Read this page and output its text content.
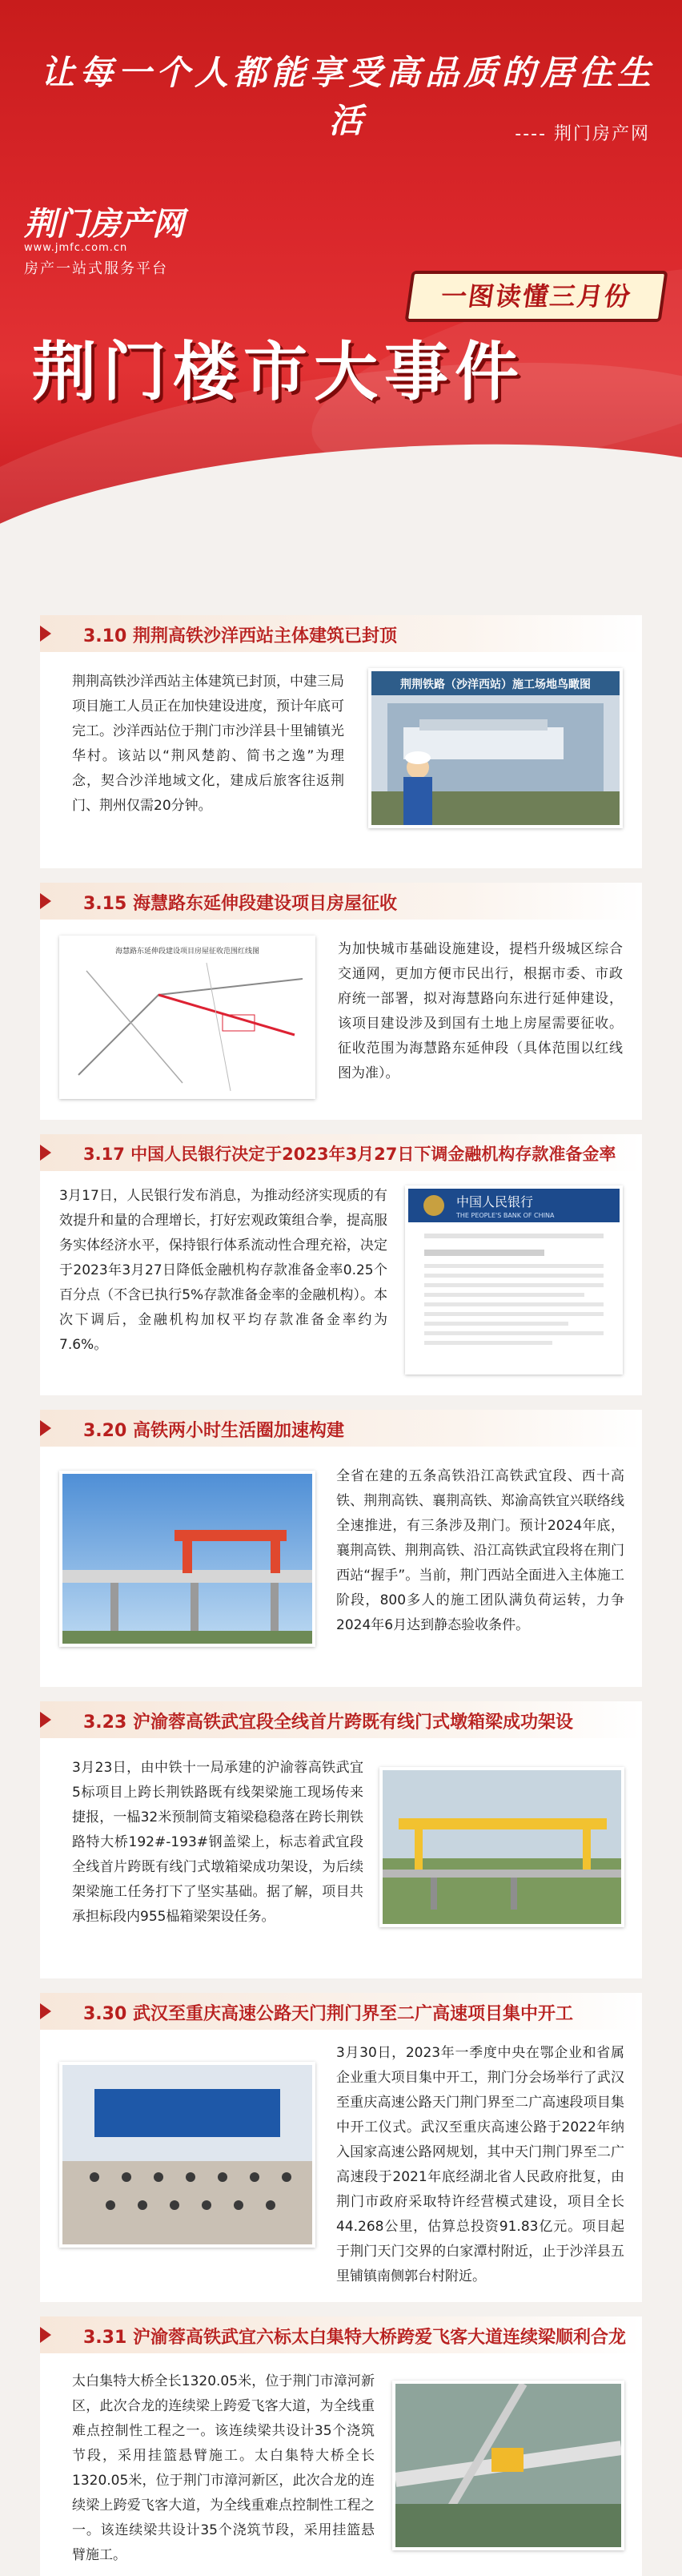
让每一个人都能享受高品质的居住生活	---- 荆门房产网
荆门房产网
www.jmfc.com.cn
房产一站式服务平台
一图读懂三月份
荆门楼市大事件
3.10 荆荆高铁沙洋西站主体建筑已封顶
荆荆高铁沙洋西站主体建筑已封顶，中建三局项目施工人员正在加快建设进度，预计年底可完工。沙洋西站位于荆门市沙洋县十里铺镇光华村。该站以“荆风楚韵、简书之逸”为理念，契合沙洋地域文化，建成后旅客往返荆门、荆州仅需20分钟。
荆荆铁路（沙洋西站）施工场地鸟瞰图
3.15 海慧路东延伸段建设项目房屋征收
海慧路东延伸段建设项目房屋征收范围红线图	为加快城市基础设施建设，提档升级城区综合交通网，更加方便市民出行，根据市委、市政府统一部署，拟对海慧路向东进行延伸建设，该项目建设涉及到国有土地上房屋需要征收。征收范围为海慧路东延伸段（具体范围以红线图为准）。
3.17 中国人民银行决定于2023年3月27日下调金融机构存款准备金率
3月17日，人民银行发布消息，为推动经济实现质的有效提升和量的合理增长，打好宏观政策组合拳，提高服务实体经济水平，保持银行体系流动性合理充裕，决定于2023年3月27日降低金融机构存款准备金率0.25个百分点（不含已执行5%存款准备金率的金融机构）。本次下调后，金融机构加权平均存款准备金率约为7.6%。
中国人民银行
THE PEOPLE'S BANK OF CHINA
3.20 高铁两小时生活圈加速构建
全省在建的五条高铁沿江高铁武宜段、西十高铁、荆荆高铁、襄荆高铁、郑渝高铁宜兴联络线全速推进，有三条涉及荆门。预计2024年底，襄荆高铁、荆荆高铁、沿江高铁武宜段将在荆门西站“握手”。当前，荆门西站全面进入主体施工阶段，800多人的施工团队满负荷运转，力争2024年6月达到静态验收条件。
3.23 沪渝蓉高铁武宜段全线首片跨既有线门式墩箱梁成功架设
3月23日，由中铁十一局承建的沪渝蓉高铁武宜5标项目上跨长荆铁路既有线架梁施工现场传来捷报，一榀32米预制简支箱梁稳稳落在跨长荆铁路特大桥192#-193#钢盖梁上，标志着武宜段全线首片跨既有线门式墩箱梁成功架设，为后续架梁施工任务打下了坚实基础。据了解，项目共承担标段内955榀箱梁架设任务。
3.30 武汉至重庆高速公路天门荆门界至二广高速项目集中开工
3月30日，2023年一季度中央在鄂企业和省属企业重大项目集中开工，荆门分会场举行了武汉至重庆高速公路天门荆门界至二广高速段项目集中开工仪式。武汉至重庆高速公路于2022年纳入国家高速公路网规划，其中天门荆门界至二广高速段于2021年底经湖北省人民政府批复，由荆门市政府采取特许经营模式建设，项目全长44.268公里，估算总投资91.83亿元。项目起于荆门天门交界的白家潭村附近，止于沙洋县五里铺镇南侧郭台村附近。
3.31 沪渝蓉高铁武宜六标太白集特大桥跨爱飞客大道连续梁顺利合龙
太白集特大桥全长1320.05米，位于荆门市漳河新区，此次合龙的连续梁上跨爱飞客大道，为全线重难点控制性工程之一。该连续梁共设计35个浇筑节段，采用挂篮悬臂施工。太白集特大桥全长1320.05米，位于荆门市漳河新区，此次合龙的连续梁上跨爱飞客大道，为全线重难点控制性工程之一。该连续梁共设计35个浇筑节段，采用挂篮悬臂施工。
